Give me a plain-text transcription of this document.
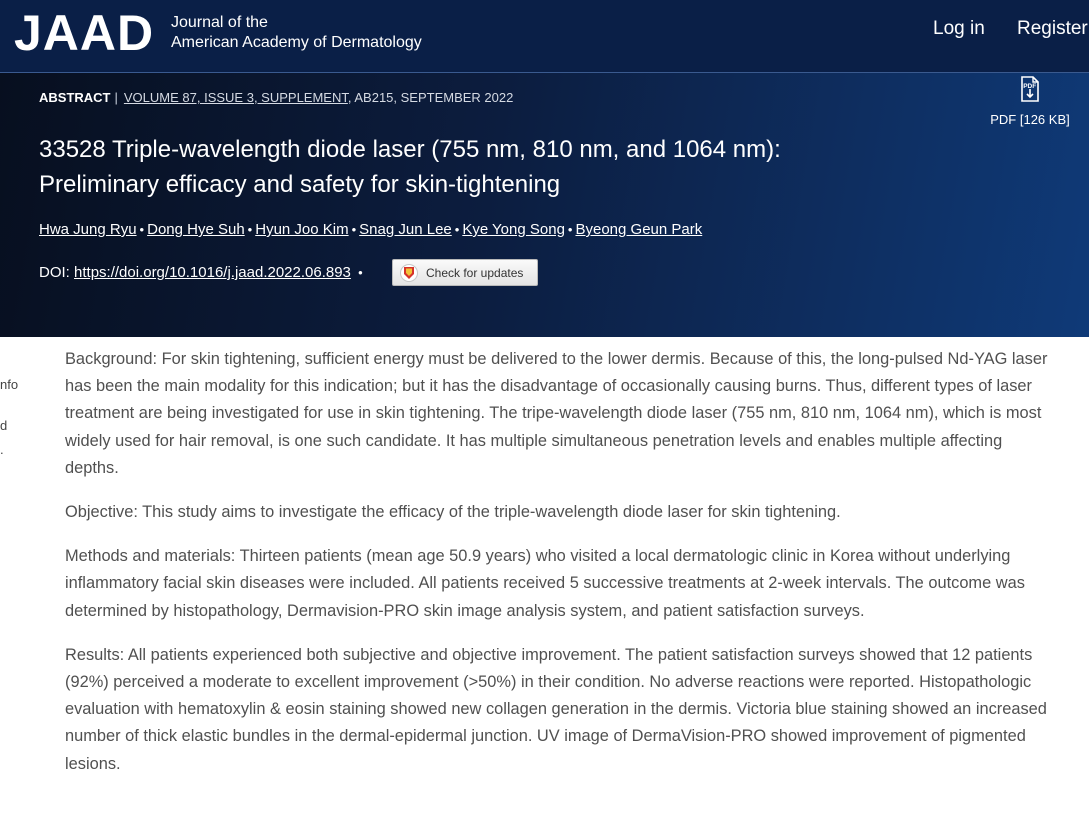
JAAD Journal of the
American Academy of Dermatology
Log in Register
ABSTRACT | VOLUME 87, ISSUE 3, SUPPLEMENT, AB215, SEPTEMBER 2022
PDF
PDF [126 KB]
33528 Triple-wavelength diode laser (755 nm, 810 nm, and 1064 nm): Preliminary efficacy and safety for skin-tightening
Hwa Jung Ryu • Dong Hye Suh • Hyun Joo Kim • Snag Jun Lee • Kye Yong Song • Byeong Geun Park
DOI: https://doi.org/10.1016/j.jaad.2022.06.893 •	Check for updates
nfo
d
.

Background: For skin tightening, sufficient energy must be delivered to the lower dermis. Because of this, the long-pulsed Nd-YAG laser has been the main modality for this indication; but it has the disadvantage of occasionally causing burns. Thus, different types of laser treatment are being investigated for use in skin tightening. The tripe-wavelength diode laser (755 nm, 810 nm, 1064 nm), which is most widely used for hair removal, is one such candidate. It has multiple simultaneous penetration levels and enables multiple affecting depths.

Objective: This study aims to investigate the efficacy of the triple-wavelength diode laser for skin tightening.

Methods and materials: Thirteen patients (mean age 50.9 years) who visited a local dermatologic clinic in Korea without underlying inflammatory facial skin diseases were included. All patients received 5 successive treatments at 2-week intervals. The outcome was determined by histopathology, Dermavision-PRO skin image analysis system, and patient satisfaction surveys.

Results: All patients experienced both subjective and objective improvement. The patient satisfaction surveys showed that 12 patients (92%) perceived a moderate to excellent improvement (>50%) in their condition. No adverse reactions were reported. Histopathologic evaluation with hematoxylin & eosin staining showed new collagen generation in the dermis. Victoria blue staining showed an increased number of thick elastic bundles in the dermal-epidermal junction. UV image of DermaVision-PRO showed improvement of pigmented lesions.
